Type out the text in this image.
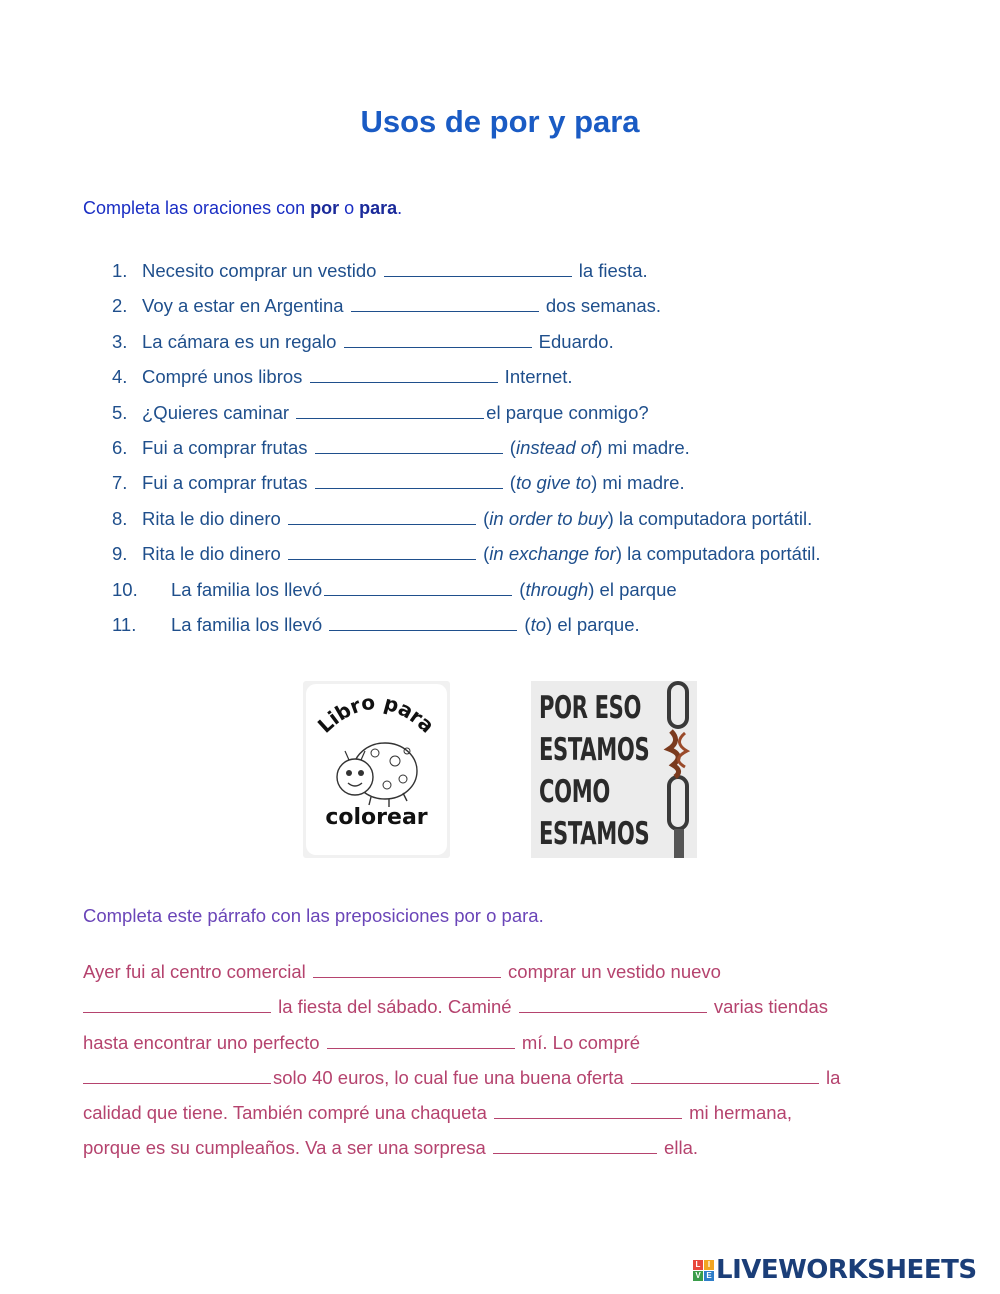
Usos de por y para
Completa las oraciones con por o para.
1. Necesito comprar un vestido	la fiesta.
2. Voy a estar en Argentina	dos semanas.
3. La cámara es un regalo	Eduardo.
4. Compré unos libros	Internet.
5. ¿Quieres caminar	el parque conmigo?
6. Fui a comprar frutas	(instead of) mi madre.
7. Fui a comprar frutas	(to give to) mi madre.
8. Rita le dio dinero	(in order to buy) la computadora portátil.
9. Rita le dio dinero	(in exchange for) la computadora portátil.
10. La familia los llevó	(through) el parque
11. La familia los llevó	(to) el parque.
Libro para
colorear
POR ESO
ESTAMOS
COMO
ESTAMOS
Completa este párrafo con las preposiciones por o para.
Ayer fui al centro comercial	comprar un vestido nuevo
la fiesta del sábado. Caminé	varias tiendas
hasta encontrar uno perfecto	mí. Lo compré
solo 40 euros, lo cual fue una buena oferta	la
calidad que tiene. También compré una chaqueta	mi hermana,
porque es su cumpleaños. Va a ser una sorpresa	ella.
L I
V E LIVEWORKSHEETS
